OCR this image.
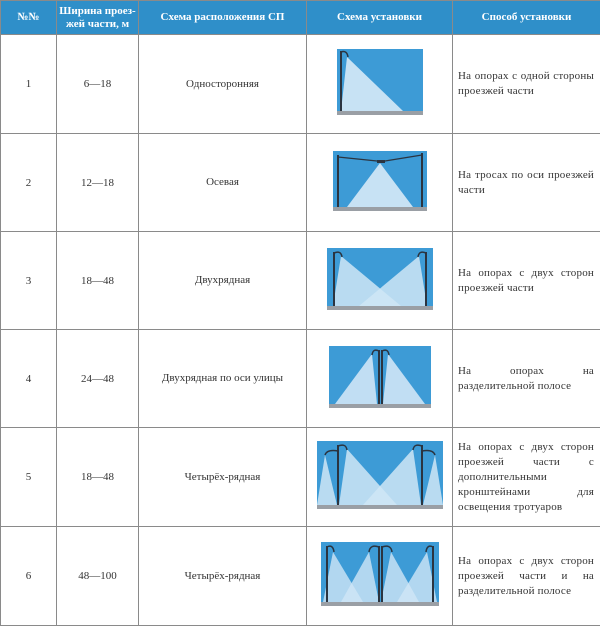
№№	Ширина проез-жей части, м	Схема расположения СП	Схема установки	Способ установки
1	6—18	Односторонняя		На опорах с одной стороны проезжей части
2	12—18	Осевая		На тросах по оси проезжей части
3	18—48	Двухрядная		На опорах с двух сторон проезжей части
4	24—48	Двухрядная по оси улицы		На опорах на разделительной полосе
5	18—48	Четырёх-рядная		На опорах с двух сторон проезжей части с дополнительными кронштейнами для освещения тротуаров
6	48—100	Четырёх-рядная		На опорах с двух сторон проезжей части и на разделительной полосе
